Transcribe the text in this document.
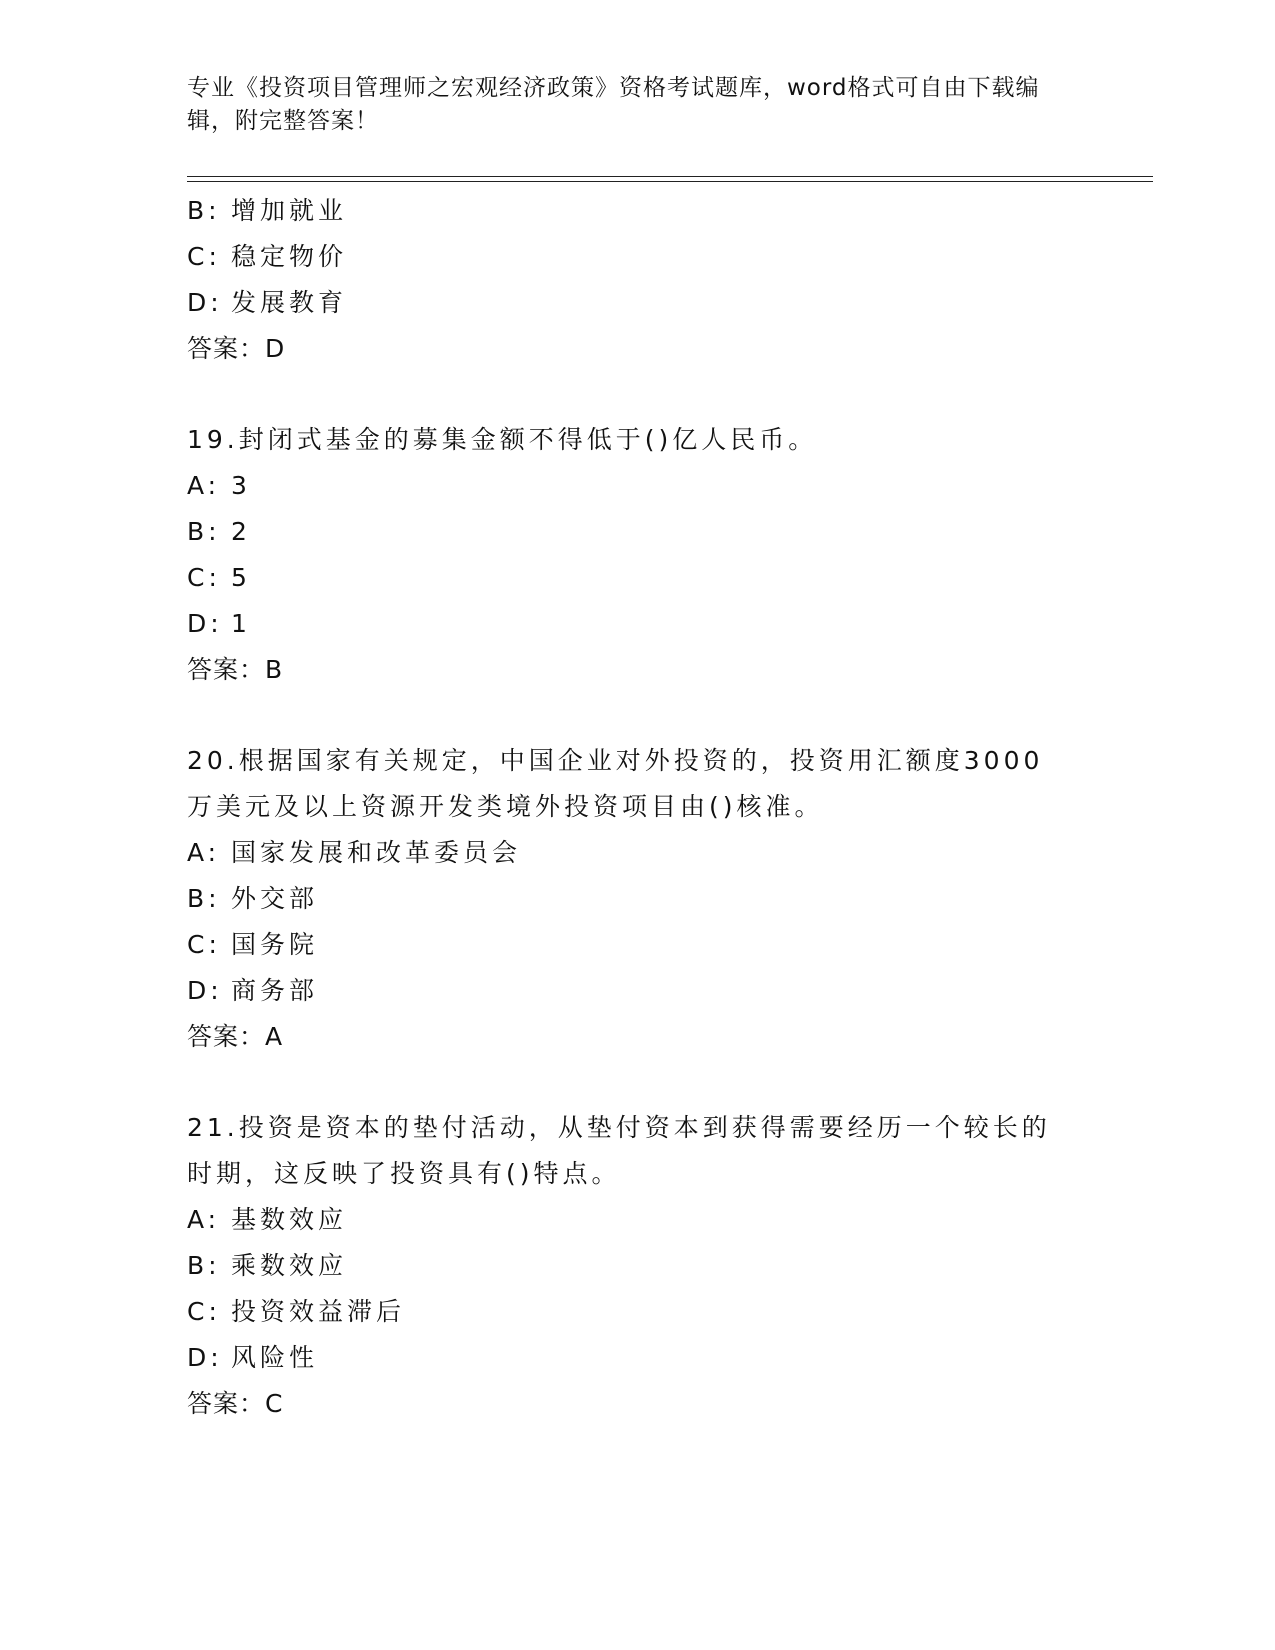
专业《投资项目管理师之宏观经济政策》资格考试题库，word格式可自由下载编辑，附完整答案！
B: 增加就业
C: 稳定物价
D: 发展教育
答案：D
19.封闭式基金的募集金额不得低于()亿人民币。
A: 3
B: 2
C: 5
D: 1
答案：B
20.根据国家有关规定，中国企业对外投资的，投资用汇额度3000万美元及以上资源开发类境外投资项目由()核准。
A: 国家发展和改革委员会
B: 外交部
C: 国务院
D: 商务部
答案：A
21.投资是资本的垫付活动，从垫付资本到获得需要经历一个较长的时期，这反映了投资具有()特点。
A: 基数效应
B: 乘数效应
C: 投资效益滞后
D: 风险性
答案：C
